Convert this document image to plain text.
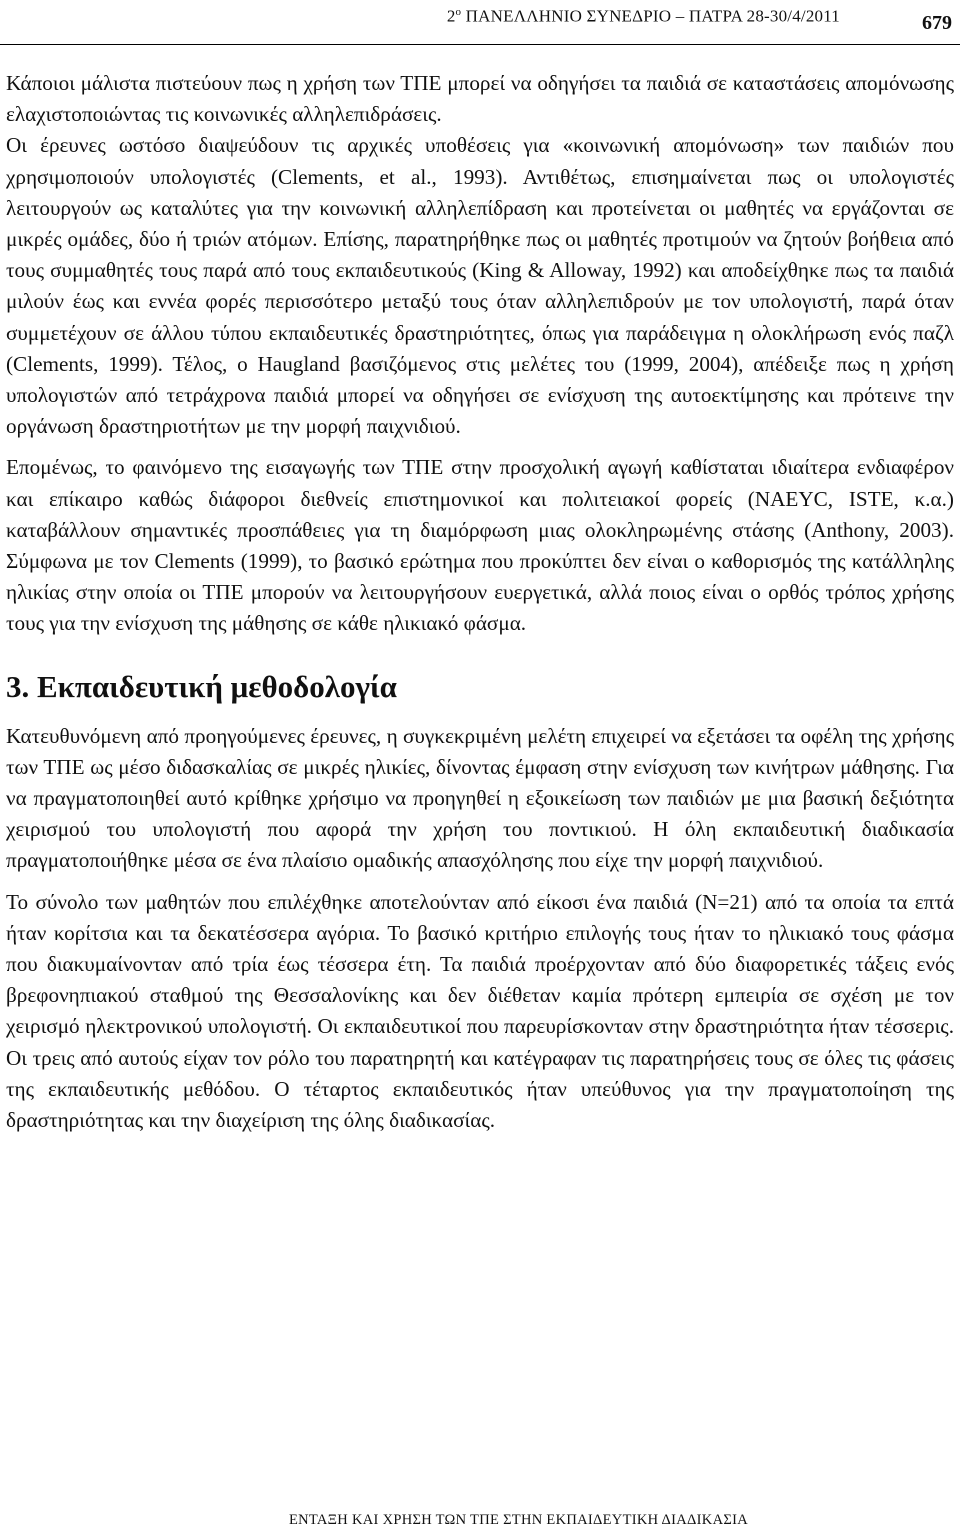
$2^o$ ΠΑΝΕΛΛΗΝΙΟ ΣΥΝΕΔΡΙΟ – ΠΑΤΡΑ 28-30/4/2011	679

Κάποιοι μάλιστα πιστεύουν πως η χρήση των ΤΠΕ μπορεί να οδηγήσει τα παιδιά σε καταστάσεις απομόνωσης ελαχιστοποιώντας τις κοινωνικές αλληλεπιδράσεις.

Οι έρευνες ωστόσο διαψεύδουν τις αρχικές υποθέσεις για «κοινωνική απομόνωση» των παιδιών που χρησιμοποιούν υπολογιστές (Clements, et al., 1993). Αντιθέτως, επισημαίνεται πως οι υπολογιστές λειτουργούν ως καταλύτες για την κοινωνική αλληλεπίδραση και προτείνεται οι μαθητές να εργάζονται σε μικρές ομάδες, δύο ή τριών ατόμων. Επίσης, παρατηρήθηκε πως οι μαθητές προτιμούν να ζητούν βοήθεια από τους συμμαθητές τους παρά από τους εκπαιδευτικούς (King & Alloway, 1992) και αποδείχθηκε πως τα παιδιά μιλούν έως και εννέα φορές περισσότερο μεταξύ τους όταν αλληλεπιδρούν με τον υπολογιστή, παρά όταν συμμετέχουν σε άλλου τύπου εκπαιδευτικές δραστηριότητες, όπως για παράδειγμα η ολοκλήρωση ενός παζλ (Clements, 1999). Τέλος, ο Haugland βασιζόμενος στις μελέτες του (1999, 2004), απέδειξε πως η χρήση υπολογιστών από τετράχρονα παιδιά μπορεί να οδηγήσει σε ενίσχυση της αυτοεκτίμησης και πρότεινε την οργάνωση δραστηριοτήτων με την μορφή παιχνιδιού.

Επομένως, το φαινόμενο της εισαγωγής των ΤΠΕ στην προσχολική αγωγή καθίσταται ιδιαίτερα ενδιαφέρον και επίκαιρο καθώς διάφοροι διεθνείς επιστημονικοί και πολιτειακοί φορείς (NAEYC, ISTE, κ.α.) καταβάλλουν σημαντικές προσπάθειες για τη διαμόρφωση μιας ολοκληρωμένης στάσης (Anthony, 2003). Σύμφωνα με τον Clements (1999), το βασικό ερώτημα που προκύπτει δεν είναι ο καθορισμός της κατάλληλης ηλικίας στην οποία οι ΤΠΕ μπορούν να λειτουργήσουν ευεργετικά, αλλά ποιος είναι ο ορθός τρόπος χρήσης τους για την ενίσχυση της μάθησης σε κάθε ηλικιακό φάσμα.

3. Εκπαιδευτική μεθοδολογία

Κατευθυνόμενη από προηγούμενες έρευνες, η συγκεκριμένη μελέτη επιχειρεί να εξετάσει τα οφέλη της χρήσης των ΤΠΕ ως μέσο διδασκαλίας σε μικρές ηλικίες, δίνοντας έμφαση στην ενίσχυση των κινήτρων μάθησης. Για να πραγματοποιηθεί αυτό κρίθηκε χρήσιμο να προηγηθεί η εξοικείωση των παιδιών με μια βασική δεξιότητα χειρισμού του υπολογιστή που αφορά την χρήση του ποντικιού. Η όλη εκπαιδευτική διαδικασία πραγματοποιήθηκε μέσα σε ένα πλαίσιο ομαδικής απασχόλησης που είχε την μορφή παιχνιδιού.

Το σύνολο των μαθητών που επιλέχθηκε αποτελούνταν από είκοσι ένα παιδιά (N=21) από τα οποία τα επτά ήταν κορίτσια και τα δεκατέσσερα αγόρια. Το βασικό κριτήριο επιλογής τους ήταν το ηλικιακό τους φάσμα που διακυμαίνονταν από τρία έως τέσσερα έτη. Τα παιδιά προέρχονταν από δύο διαφορετικές τάξεις ενός βρεφονηπιακού σταθμού της Θεσσαλονίκης και δεν διέθεταν καμία πρότερη εμπειρία σε σχέση με τον χειρισμό ηλεκτρονικού υπολογιστή. Οι εκπαιδευτικοί που παρευρίσκονταν στην δραστηριότητα ήταν τέσσερις. Οι τρεις από αυτούς είχαν τον ρόλο του παρατηρητή και κατέγραφαν τις παρατηρήσεις τους σε όλες τις φάσεις της εκπαιδευτικής μεθόδου. Ο τέταρτος εκπαιδευτικός ήταν υπεύθυνος για την πραγματοποίηση της δραστηριότητας και την διαχείριση της όλης διαδικασίας.

ΕΝΤΑΞΗ ΚΑΙ ΧΡΗΣΗ ΤΩΝ ΤΠΕ ΣΤΗΝ ΕΚΠΑΙΔΕΥΤΙΚΗ ΔΙΑΔΙΚΑΣΙΑ
